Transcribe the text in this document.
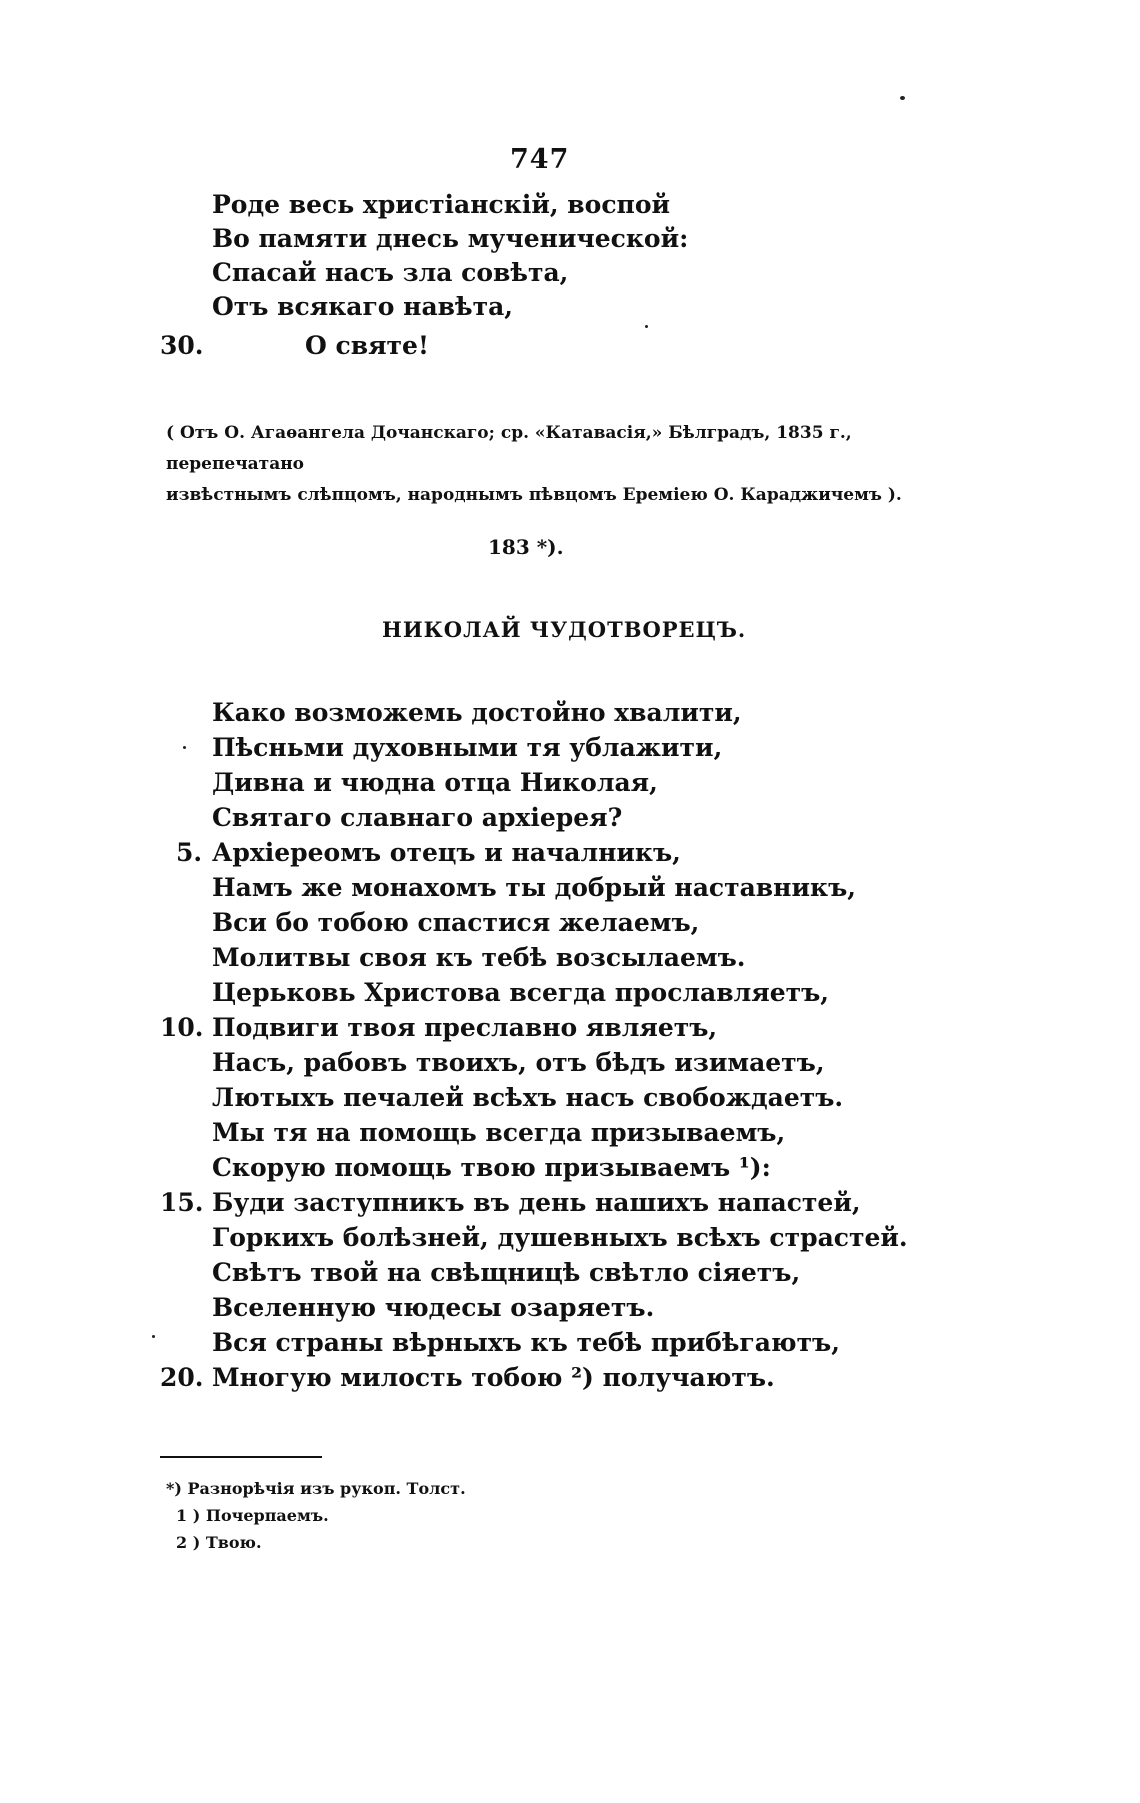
747
Роде весь христіанскій, воспой
Во памяти днесь мученической:
Спасай насъ зла совѣта,
Отъ всякаго навѣта,
30.	О святе!
( Отъ О. Агаѳангела Дочанскаго; ср. «Катавасія,» Бѣлградъ, 1835 г., перепечатано
извѣстнымъ слѣпцомъ, народнымъ пѣвцомъ Ереміею О. Караджичемъ ).
183 *).
НИКОЛАЙ ЧУДОТВОРЕЦЪ.
Како возможемь достойно хвалити,
Пѣсньми духовными тя ублажити,
Дивна и чюдна отца Николая,
Святаго славнаго архіерея?
5. Архіереомъ отецъ и началникъ,
Намъ же монахомъ ты добрый наставникъ,
Вси бо тобою спастися желаемъ,
Молитвы своя къ тебѣ возсылаемъ.
Церьковь Христова всегда прославляетъ,
10. Подвиги твоя преславно являетъ,
Насъ, рабовъ твоихъ, отъ бѣдъ изимаетъ,
Лютыхъ печалей всѣхъ насъ свобождаетъ.
Мы тя на помощь всегда призываемъ,
Скорую помощь твою призываемъ ¹):
15. Буди заступникъ въ день нашихъ напастей,
Горкихъ болѣзней, душевныхъ всѣхъ страстей.
Свѣтъ твой на свѣщницѣ свѣтло сіяетъ,
Вселенную чюдесы озаряетъ.
Вся страны вѣрныхъ къ тебѣ прибѣгаютъ,
20. Многую милость тобою ²) получаютъ.
*) Разнорѣчія изъ рукоп. Толст.
1 ) Почерпаемъ.
2 ) Твою.
